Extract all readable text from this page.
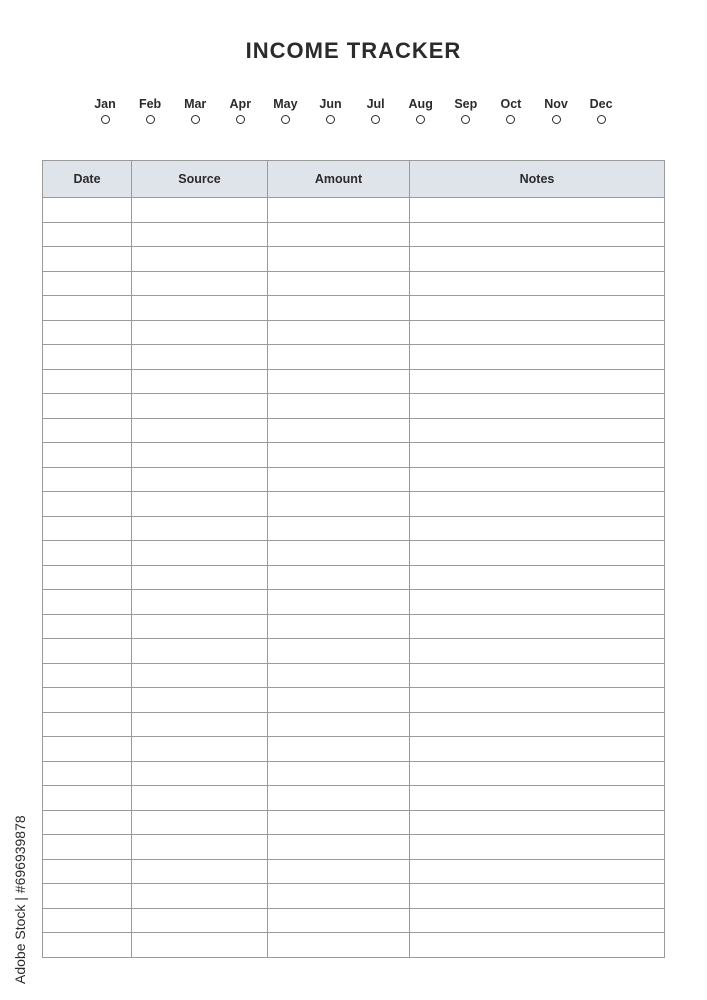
INCOME TRACKER
Jan	Feb	Mar	Apr	May	Jun	Jul	Aug	Sep	Oct	Nov	Dec
Date	Source	Amount	Notes

Adobe Stock | #696939878
